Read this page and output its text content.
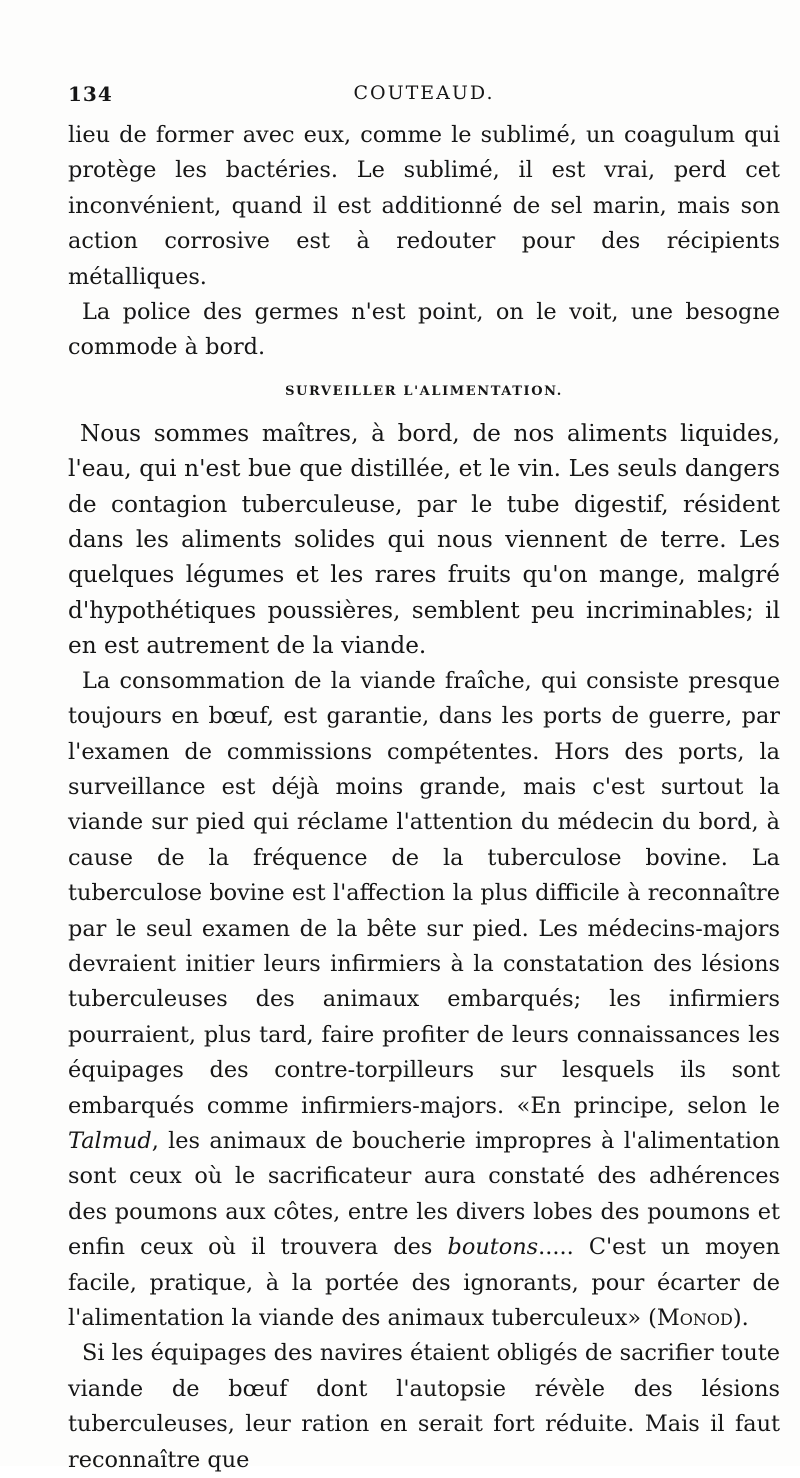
134	COUTEAUD.

lieu de former avec eux, comme le sublimé, un coagulum qui protège les bactéries. Le sublimé, il est vrai, perd cet inconvénient, quand il est additionné de sel marin, mais son action corrosive est à redouter pour des récipients métalliques.

La police des germes n'est point, on le voit, une besogne commode à bord.

SURVEILLER L'ALIMENTATION.

Nous sommes maîtres, à bord, de nos aliments liquides, l'eau, qui n'est bue que distillée, et le vin. Les seuls dangers de contagion tuberculeuse, par le tube digestif, résident dans les aliments solides qui nous viennent de terre. Les quelques légumes et les rares fruits qu'on mange, malgré d'hypothétiques poussières, semblent peu incriminables; il en est autrement de la viande.

La consommation de la viande fraîche, qui consiste presque toujours en bœuf, est garantie, dans les ports de guerre, par l'examen de commissions compétentes. Hors des ports, la surveillance est déjà moins grande, mais c'est surtout la viande sur pied qui réclame l'attention du médecin du bord, à cause de la fréquence de la tuberculose bovine. La tuberculose bovine est l'affection la plus difficile à reconnaître par le seul examen de la bête sur pied. Les médecins-majors devraient initier leurs infirmiers à la constatation des lésions tuberculeuses des animaux embarqués; les infirmiers pourraient, plus tard, faire profiter de leurs connaissances les équipages des contre-torpilleurs sur lesquels ils sont embarqués comme infirmiers-majors. «En principe, selon le Talmud, les animaux de boucherie impropres à l'alimentation sont ceux où le sacrificateur aura constaté des adhérences des poumons aux côtes, entre les divers lobes des poumons et enfin ceux où il trouvera des boutons..... C'est un moyen facile, pratique, à la portée des ignorants, pour écarter de l'alimentation la viande des animaux tuberculeux» (Monod).

Si les équipages des navires étaient obligés de sacrifier toute viande de bœuf dont l'autopsie révèle des lésions tuberculeuses, leur ration en serait fort réduite. Mais il faut reconnaître que
